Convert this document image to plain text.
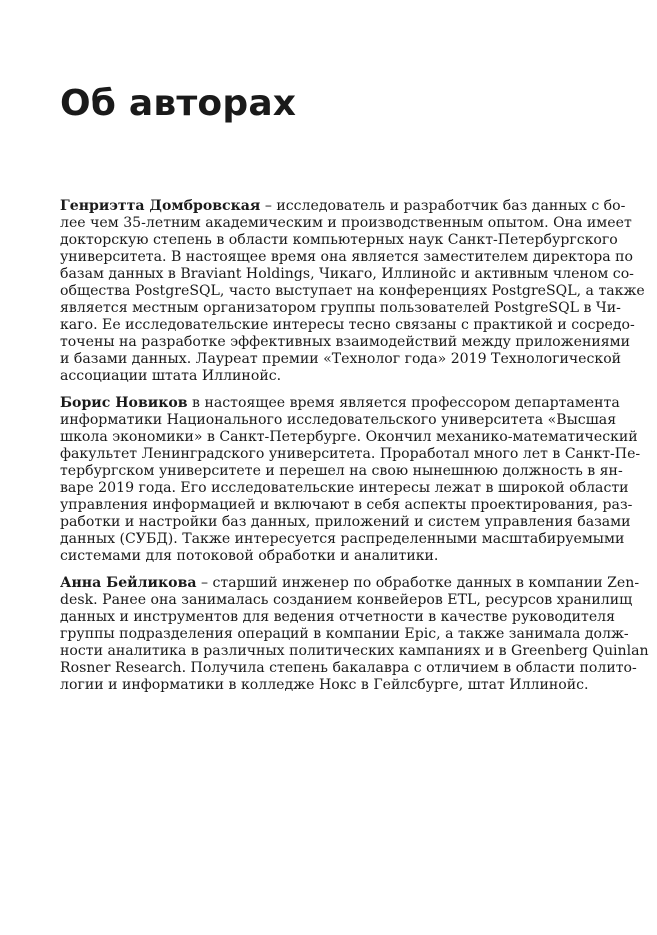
Об авторах

Генриэтта Домбровская – исследователь и разработчик баз данных с бо-
лее чем 35-летним академическим и производственным опытом. Она имеет
докторскую степень в области компьютерных наук Санкт-Петербургского
университета. В настоящее время она является заместителем директора по
базам данных в Braviant Holdings, Чикаго, Иллинойс и активным членом со-
общества PostgreSQL, часто выступает на конференциях PostgreSQL, а также
является местным организатором группы пользователей PostgreSQL в Чи-
каго. Ее исследовательские интересы тесно связаны с практикой и сосредо-
точены на разработке эффективных взаимодействий между приложениями
и базами данных. Лауреат премии «Технолог года» 2019 Технологической
ассоциации штата Иллинойс.

Борис Новиков в настоящее время является профессором департамента
информатики Национального исследовательского университета «Высшая
школа экономики» в Санкт-Петербурге. Окончил механико-математический
факультет Ленинградского университета. Проработал много лет в Санкт-Пе-
тербургском университете и перешел на свою нынешнюю должность в ян-
варе 2019 года. Его исследовательские интересы лежат в широкой области
управления информацией и включают в себя аспекты проектирования, раз-
работки и настройки баз данных, приложений и систем управления базами
данных (СУБД). Также интересуется распределенными масштабируемыми
системами для потоковой обработки и аналитики.

Анна Бейликова – старший инженер по обработке данных в компании Zen-
desk. Ранее она занималась созданием конвейеров ETL, ресурсов хранилищ
данных и инструментов для ведения отчетности в качестве руководителя
группы подразделения операций в компании Epic, а также занимала долж-
ности аналитика в различных политических кампаниях и в Greenberg Quinlan
Rosner Research. Получила степень бакалавра с отличием в области полито-
логии и информатики в колледже Нокс в Гейлсбурге, штат Иллинойс.
